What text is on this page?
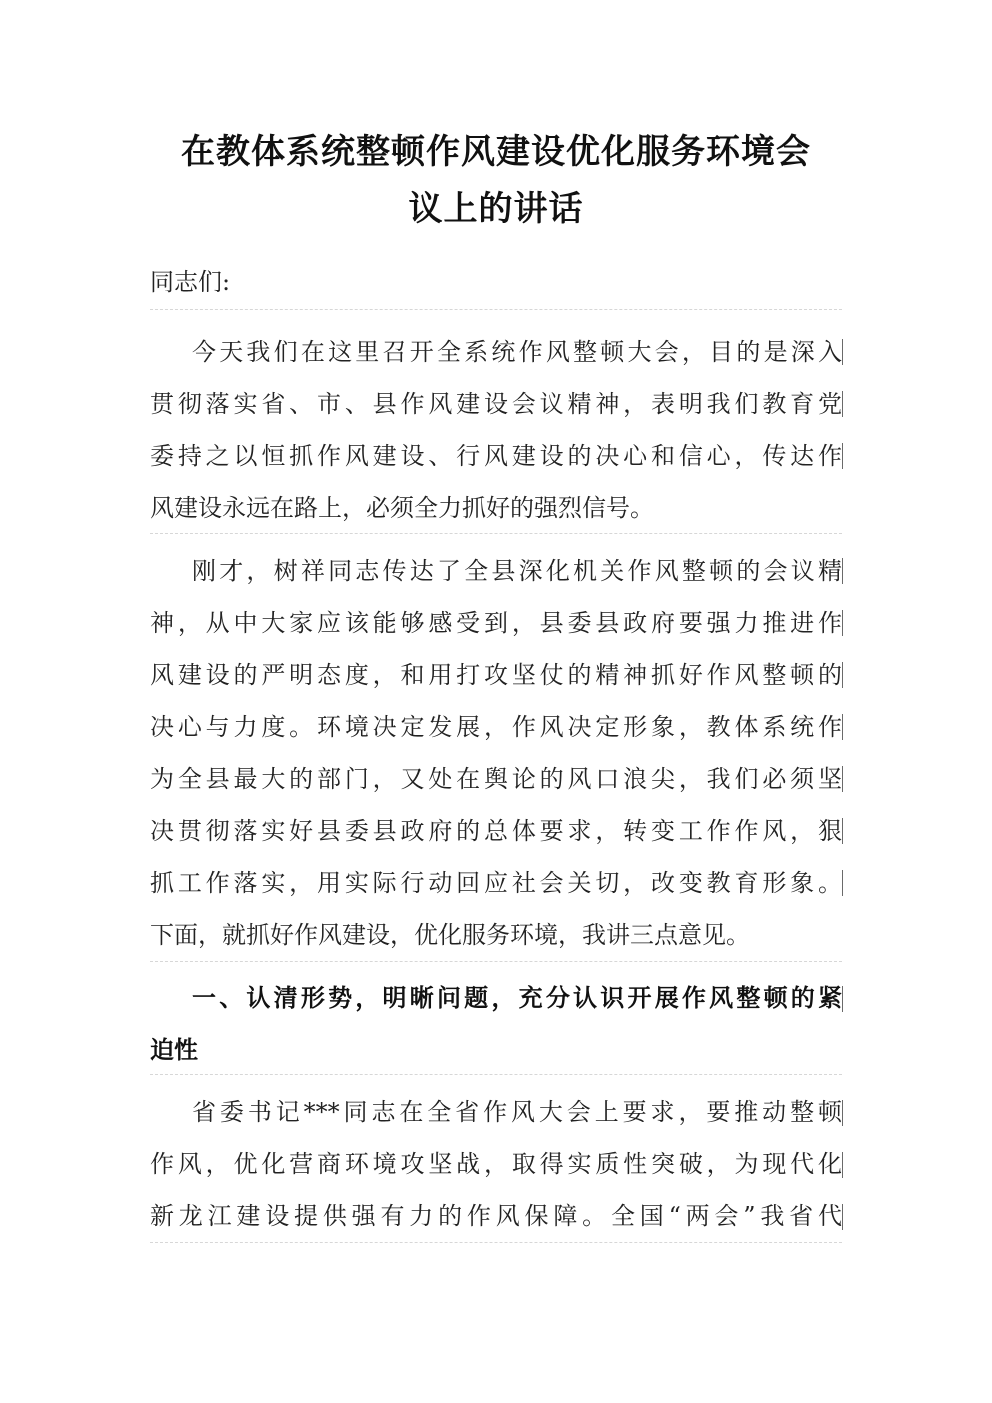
在教体系统整顿作风建设优化服务环境会
议上的讲话
同志们:
今天我们在这里召开全系统作风整顿大会，目的是深入
贯彻落实省、市、县作风建设会议精神，表明我们教育党
委持之以恒抓作风建设、行风建设的决心和信心，传达作
风建设永远在路上，必须全力抓好的强烈信号。
刚才，树祥同志传达了全县深化机关作风整顿的会议精
神，从中大家应该能够感受到，县委县政府要强力推进作
风建设的严明态度，和用打攻坚仗的精神抓好作风整顿的
决心与力度。环境决定发展，作风决定形象，教体系统作
为全县最大的部门，又处在舆论的风口浪尖，我们必须坚
决贯彻落实好县委县政府的总体要求，转变工作作风，狠
抓工作落实，用实际行动回应社会关切，改变教育形象。
下面，就抓好作风建设，优化服务环境，我讲三点意见。
一、认清形势，明晰问题，充分认识开展作风整顿的紧
迫性
省委书记***同志在全省作风大会上要求，要推动整顿
作风，优化营商环境攻坚战，取得实质性突破，为现代化
新龙江建设提供强有力的作风保障。全国“两会”我省代
